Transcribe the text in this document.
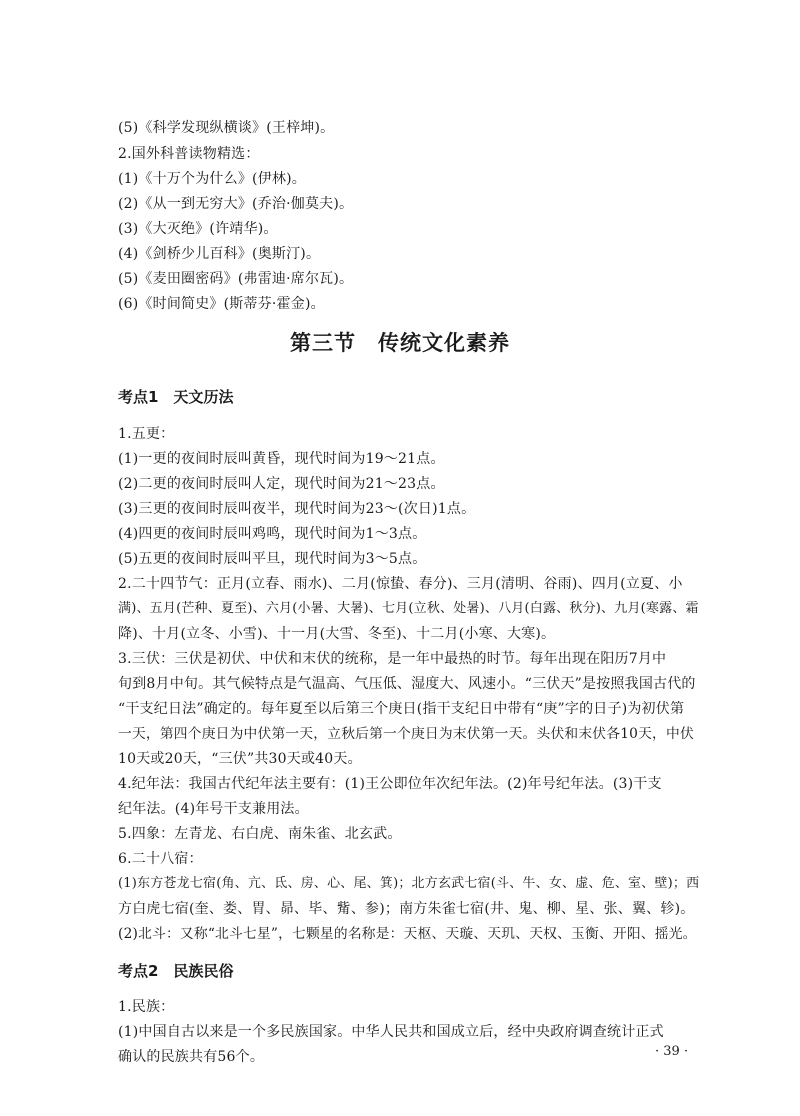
(5)《科学发现纵横谈》(王梓坤)。
2.国外科普读物精选：
(1)《十万个为什么》(伊林)。
(2)《从一到无穷大》(乔治·伽莫夫)。
(3)《大灭绝》(许靖华)。
(4)《剑桥少儿百科》(奥斯汀)。
(5)《麦田圈密码》(弗雷迪·席尔瓦)。
(6)《时间简史》(斯蒂芬·霍金)。
第三节　传统文化素养
考点1　天文历法
1.五更：
(1)一更的夜间时辰叫黄昏，现代时间为19～21点。
(2)二更的夜间时辰叫人定，现代时间为21～23点。
(3)三更的夜间时辰叫夜半，现代时间为23～(次日)1点。
(4)四更的夜间时辰叫鸡鸣，现代时间为1～3点。
(5)五更的夜间时辰叫平旦，现代时间为3～5点。
2.二十四节气：正月(立春、雨水)、二月(惊蛰、春分)、三月(清明、谷雨)、四月(立夏、小
满)、五月(芒种、夏至)、六月(小暑、大暑)、七月(立秋、处暑)、八月(白露、秋分)、九月(寒露、霜
降)、十月(立冬、小雪)、十一月(大雪、冬至)、十二月(小寒、大寒)。
3.三伏：三伏是初伏、中伏和末伏的统称，是一年中最热的时节。每年出现在阳历7月中
旬到8月中旬。其气候特点是气温高、气压低、湿度大、风速小。“三伏天”是按照我国古代的
“干支纪日法”确定的。每年夏至以后第三个庚日(指干支纪日中带有“庚”字的日子)为初伏第
一天，第四个庚日为中伏第一天，立秋后第一个庚日为末伏第一天。头伏和末伏各10天，中伏
10天或20天，“三伏”共30天或40天。
4.纪年法：我国古代纪年法主要有：(1)王公即位年次纪年法。(2)年号纪年法。(3)干支
纪年法。(4)年号干支兼用法。
5.四象：左青龙、右白虎、南朱雀、北玄武。
6.二十八宿：
(1)东方苍龙七宿(角、亢、氐、房、心、尾、箕)；北方玄武七宿(斗、牛、女、虚、危、室、壁)；西
方白虎七宿(奎、娄、胃、昴、毕、觜、参)；南方朱雀七宿(井、鬼、柳、星、张、翼、轸)。
(2)北斗：又称“北斗七星”，七颗星的名称是：天枢、天璇、天玑、天权、玉衡、开阳、摇光。
考点2　民族民俗
1.民族：
(1)中国自古以来是一个多民族国家。中华人民共和国成立后，经中央政府调查统计正式
确认的民族共有56个。	· 39 ·
